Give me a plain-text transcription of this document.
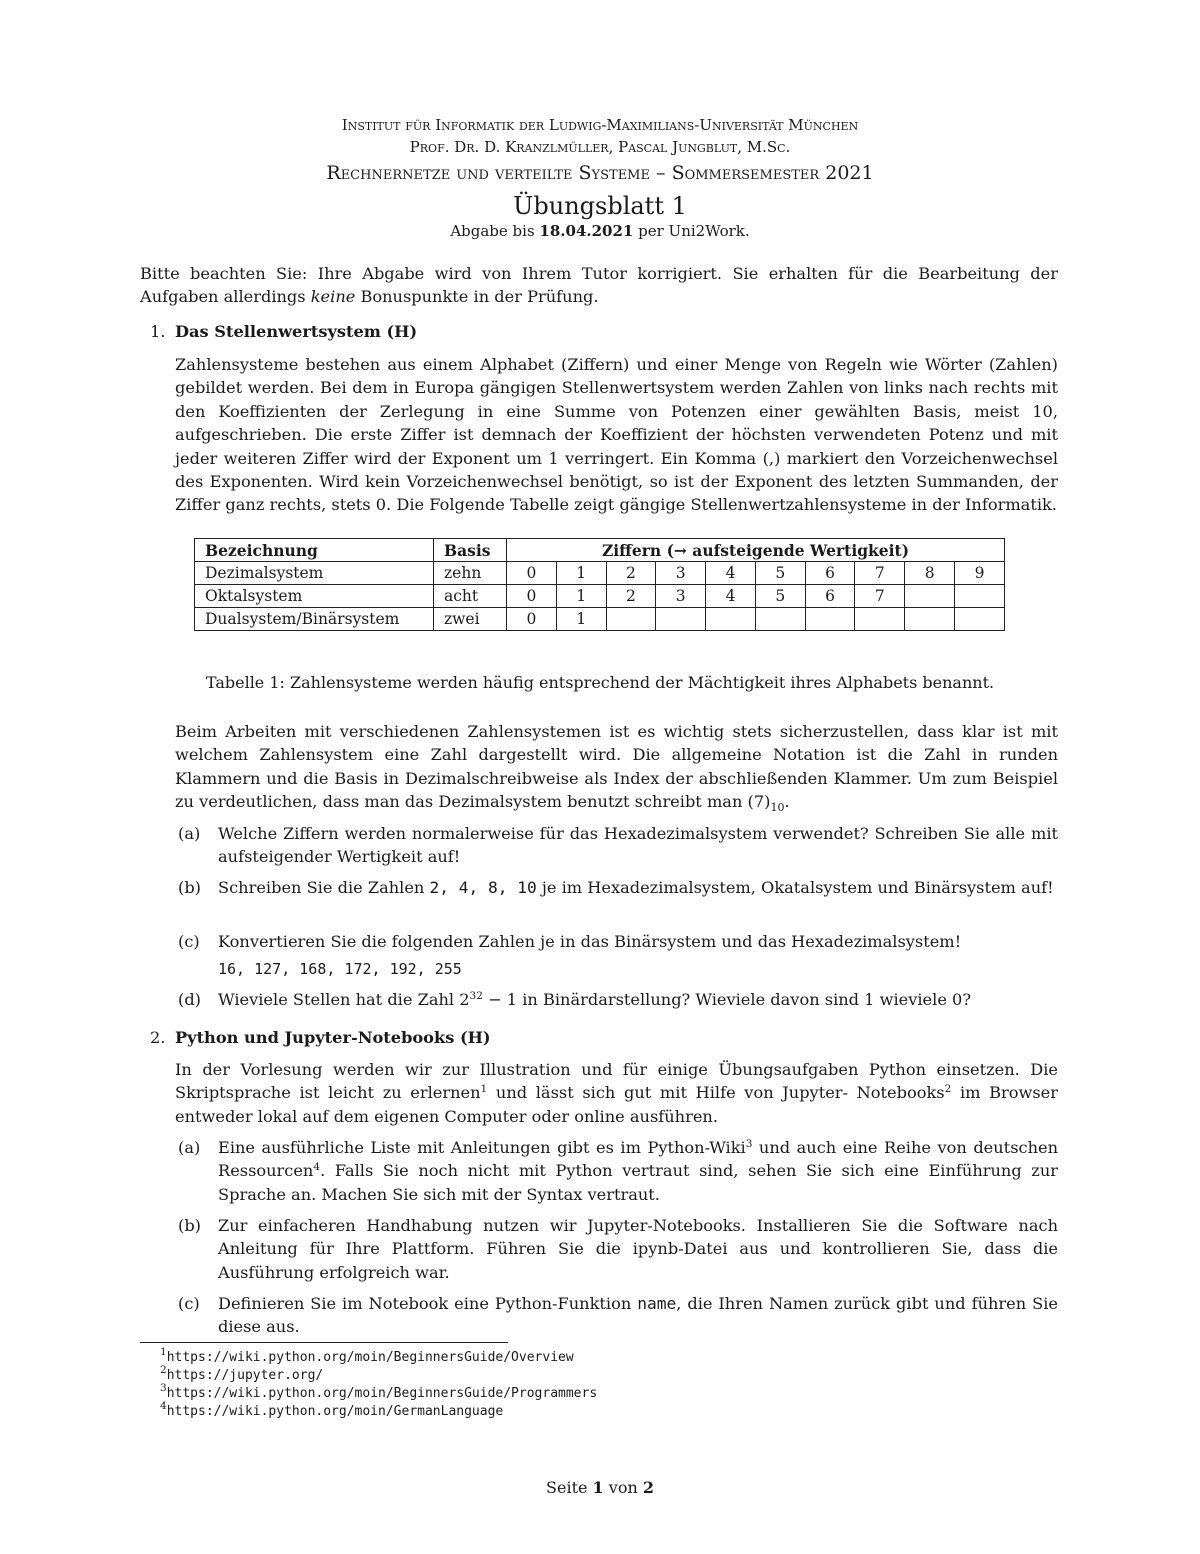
Institut für Informatik der Ludwig-Maximilians-Universität München
Prof. Dr. D. Kranzlmüller, Pascal Jungblut, M.Sc.
Rechnernetze und verteilte Systeme – Sommersemester 2021
Übungsblatt 1
Abgabe bis 18.04.2021 per Uni2Work.
Bitte beachten Sie: Ihre Abgabe wird von Ihrem Tutor korrigiert. Sie erhalten für die Bearbeitung der Aufgaben allerdings keine Bonuspunkte in der Prüfung.
1. Das Stellenwertsystem (H)
Zahlensysteme bestehen aus einem Alphabet (Ziffern) und einer Menge von Regeln wie Wörter (Zahlen) gebildet werden. Bei dem in Europa gängigen Stellenwertsystem werden Zahlen von links nach rechts mit den Koeffizienten der Zerlegung in eine Summe von Potenzen einer gewählten Basis, meist 10, aufgeschrieben. Die erste Ziffer ist demnach der Koeffizient der höchsten verwendeten Potenz und mit jeder weiteren Ziffer wird der Exponent um 1 verringert. Ein Komma (,) markiert den Vorzeichenwechsel des Exponenten. Wird kein Vorzeichenwechsel benötigt, so ist der Exponent des letzten Summanden, der Ziffer ganz rechts, stets 0. Die Folgende Tabelle zeigt gängige Stellenwertzahlensysteme in der Informatik.
Bezeichnung	Basis	Ziffern (→ aufsteigende Wertigkeit)									
Dezimalsystem	zehn	0	1	2	3	4	5	6	7	8	9
Oktalsystem	acht	0	1	2	3	4	5	6	7		
Dualsystem/Binärsystem	zwei	0	1								
Tabelle 1: Zahlensysteme werden häufig entsprechend der Mächtigkeit ihres Alphabets benannt.
Beim Arbeiten mit verschiedenen Zahlensystemen ist es wichtig stets sicherzustellen, dass klar ist mit welchem Zahlensystem eine Zahl dargestellt wird. Die allgemeine Notation ist die Zahl in runden Klammern und die Basis in Dezimalschreibweise als Index der abschließenden Klammer. Um zum Beispiel zu verdeutlichen, dass man das Dezimalsystem benutzt schreibt man $(7)_{10}$.
(a) Welche Ziffern werden normalerweise für das Hexadezimalsystem verwendet? Schreiben Sie alle mit aufsteigender Wertigkeit auf!
(b) Schreiben Sie die Zahlen 2, 4, 8, 10 je im Hexadezimalsystem, Okatalsystem und Binärsystem auf!
(c) Konvertieren Sie die folgenden Zahlen je in das Binärsystem und das Hexadezimalsystem!
16, 127, 168, 172, 192, 255
(d) Wieviele Stellen hat die Zahl $2^{32} - 1$ in Binärdarstellung? Wieviele davon sind 1 wieviele 0?
2. Python und Jupyter-Notebooks (H)
In der Vorlesung werden wir zur Illustration und für einige Übungsaufgaben Python einsetzen. Die Skriptsprache ist leicht zu erlernen$^1$ und lässt sich gut mit Hilfe von Jupyter- Notebooks$^2$ im Browser entweder lokal auf dem eigenen Computer oder online ausführen.
(a) Eine ausführliche Liste mit Anleitungen gibt es im Python-Wiki$^3$ und auch eine Reihe von deutschen Ressourcen$^4$. Falls Sie noch nicht mit Python vertraut sind, sehen Sie sich eine Einführung zur Sprache an. Machen Sie sich mit der Syntax vertraut.
(b) Zur einfacheren Handhabung nutzen wir Jupyter-Notebooks. Installieren Sie die Software nach Anleitung für Ihre Plattform. Führen Sie die ipynb-Datei aus und kontrollieren Sie, dass die Ausführung erfolgreich war.
(c) Definieren Sie im Notebook eine Python-Funktion name, die Ihren Namen zurück gibt und führen Sie diese aus.
$^1$https://wiki.python.org/moin/BeginnersGuide/Overview
$^2$https://jupyter.org/
$^3$https://wiki.python.org/moin/BeginnersGuide/Programmers
$^4$https://wiki.python.org/moin/GermanLanguage
Seite 1 von 2
